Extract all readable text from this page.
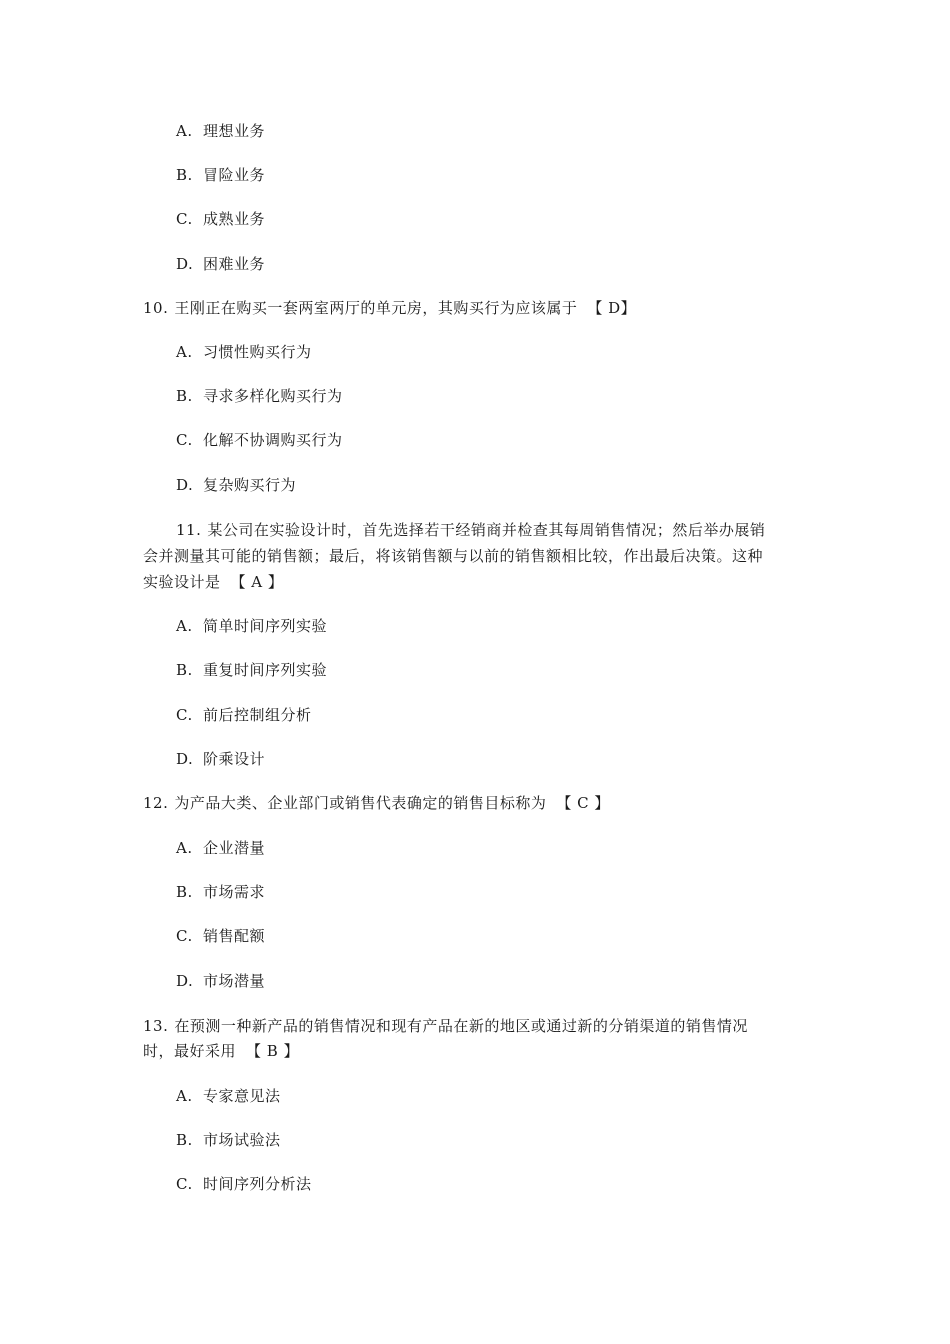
A. 理想业务
B. 冒险业务
C. 成熟业务
D. 困难业务
10. 王刚正在购买一套两室两厅的单元房，其购买行为应该属于 【 D】
A. 习惯性购买行为
B. 寻求多样化购买行为
C. 化解不协调购买行为
D. 复杂购买行为
11. 某公司在实验设计时，首先选择若干经销商并检查其每周销售情况；然后举办展销
会并测量其可能的销售额；最后，将该销售额与以前的销售额相比较，作出最后决策。这种
实验设计是 【 A 】
A. 简单时间序列实验
B. 重复时间序列实验
C. 前后控制组分析
D. 阶乘设计
12. 为产品大类、企业部门或销售代表确定的销售目标称为 【 C 】
A. 企业潜量
B. 市场需求
C. 销售配额
D. 市场潜量
13. 在预测一种新产品的销售情况和现有产品在新的地区或通过新的分销渠道的销售情况
时，最好采用 【 B 】
A. 专家意见法
B. 市场试验法
C. 时间序列分析法
